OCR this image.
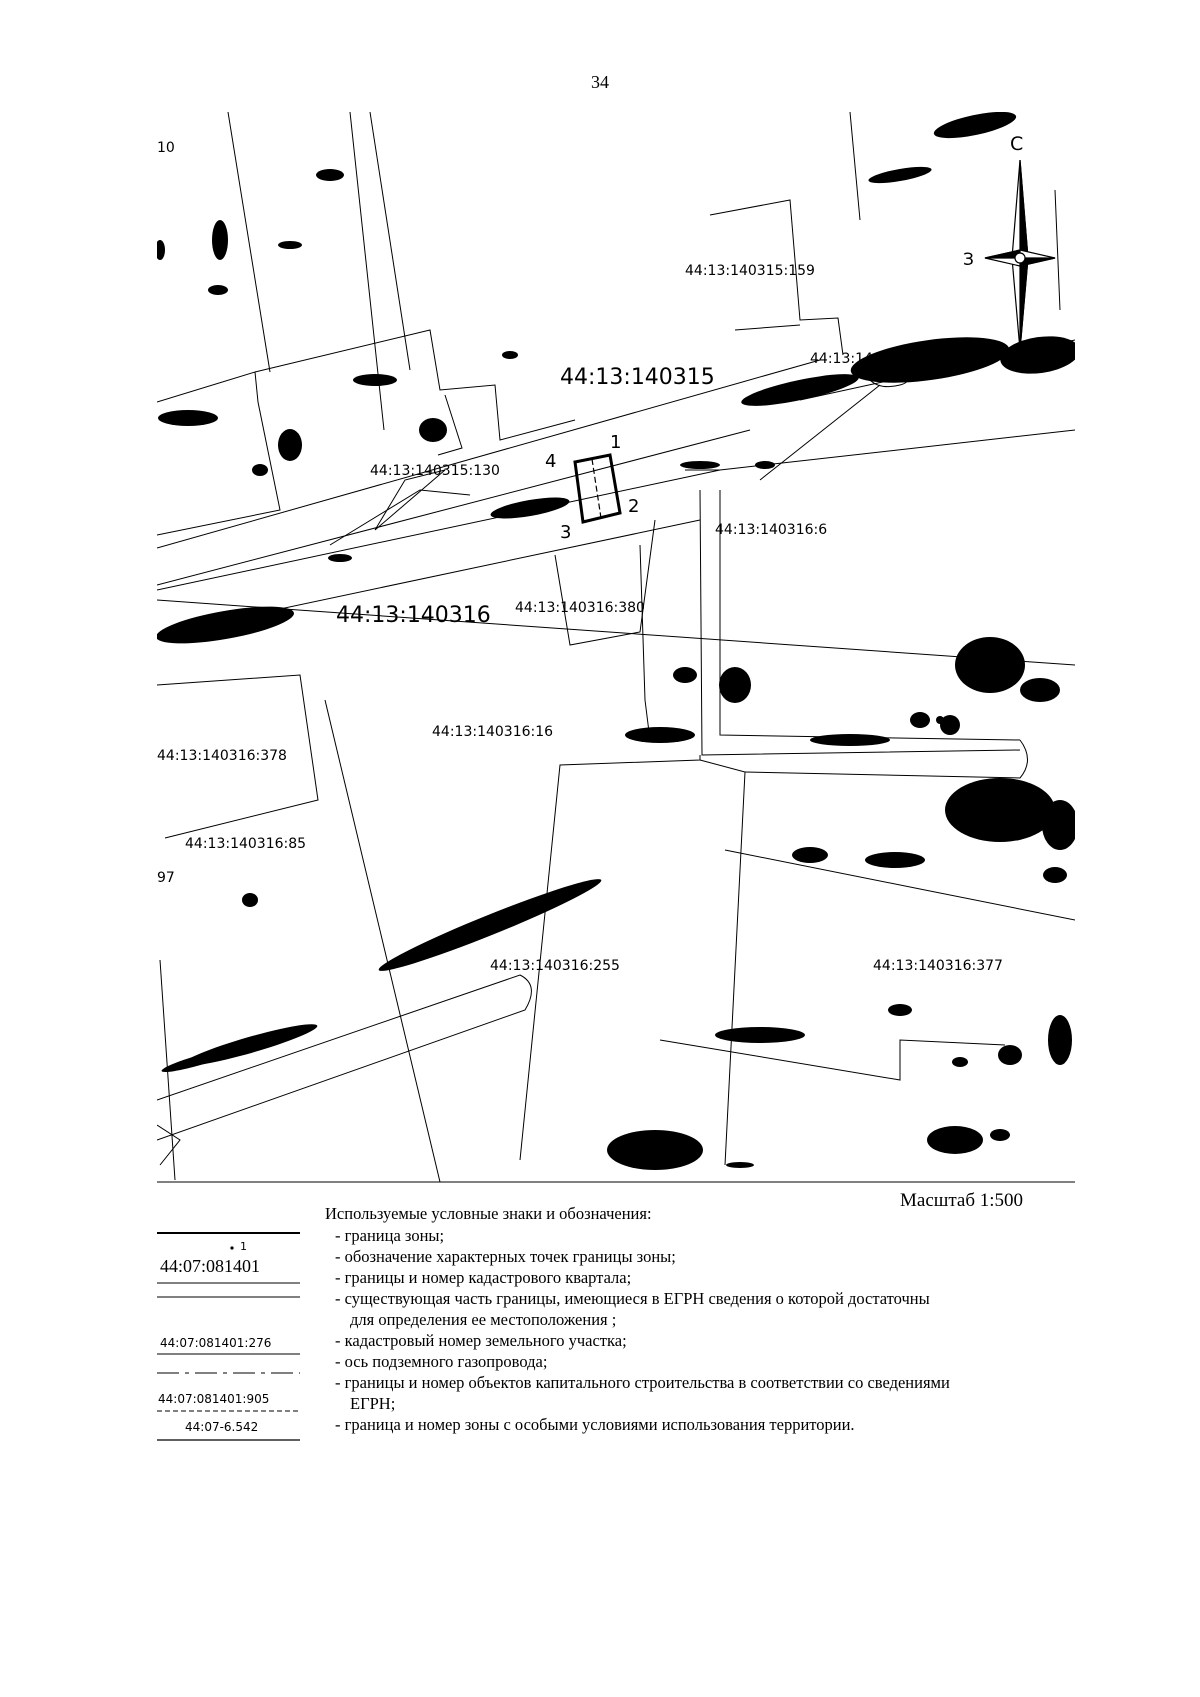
34
С
З
10
97
44:13:140315
44:13:140316
44:13:140315:159
44:13:1403
44:13:140315:130
44:13:140316:6
44:13:140316:380
44:13:140316:16
44:13:140316:378
44:13:140316:85
44:13:140316:255	44:13:140316:377
1
2
3
4
1
44:07:081401
44:07:081401:276
44:07:081401:905
44:07-6.542
Масштаб 1:500
Используемые условные знаки и обозначения:
- граница зоны;
- обозначение характерных точек границы зоны;
- границы и номер кадастрового квартала;
- существующая часть границы, имеющиеся в ЕГРН сведения о которой достаточны
для определения ее местоположения ;
- кадастровый номер земельного участка;
- ось подземного газопровода;
- границы и номер объектов капитального строительства в соответствии со сведениями
ЕГРН;
- граница и номер зоны с особыми условиями использования территории.
